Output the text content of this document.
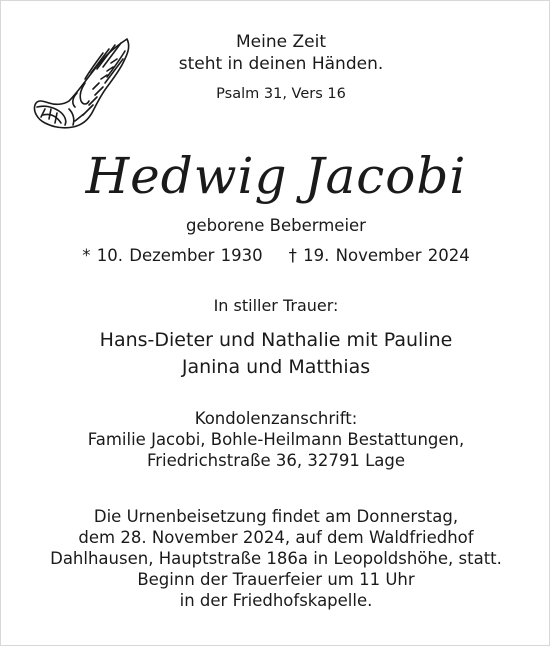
Meine Zeit
steht in deinen Händen.
Psalm 31, Vers 16
Hedwig Jacobi
geborene Bebermeier
* 10. Dezember 1930 † 19. November 2024
In stiller Trauer:
Hans-Dieter und Nathalie mit Pauline
Janina und Matthias
Kondolenzanschrift:
Familie Jacobi, Bohle-Heilmann Bestattungen,
Friedrichstraße 36, 32791 Lage
Die Urnenbeisetzung findet am Donnerstag,
dem 28. November 2024, auf dem Waldfriedhof
Dahlhausen, Hauptstraße 186a in Leopoldshöhe, statt.
Beginn der Trauerfeier um 11 Uhr
in der Friedhofskapelle.
